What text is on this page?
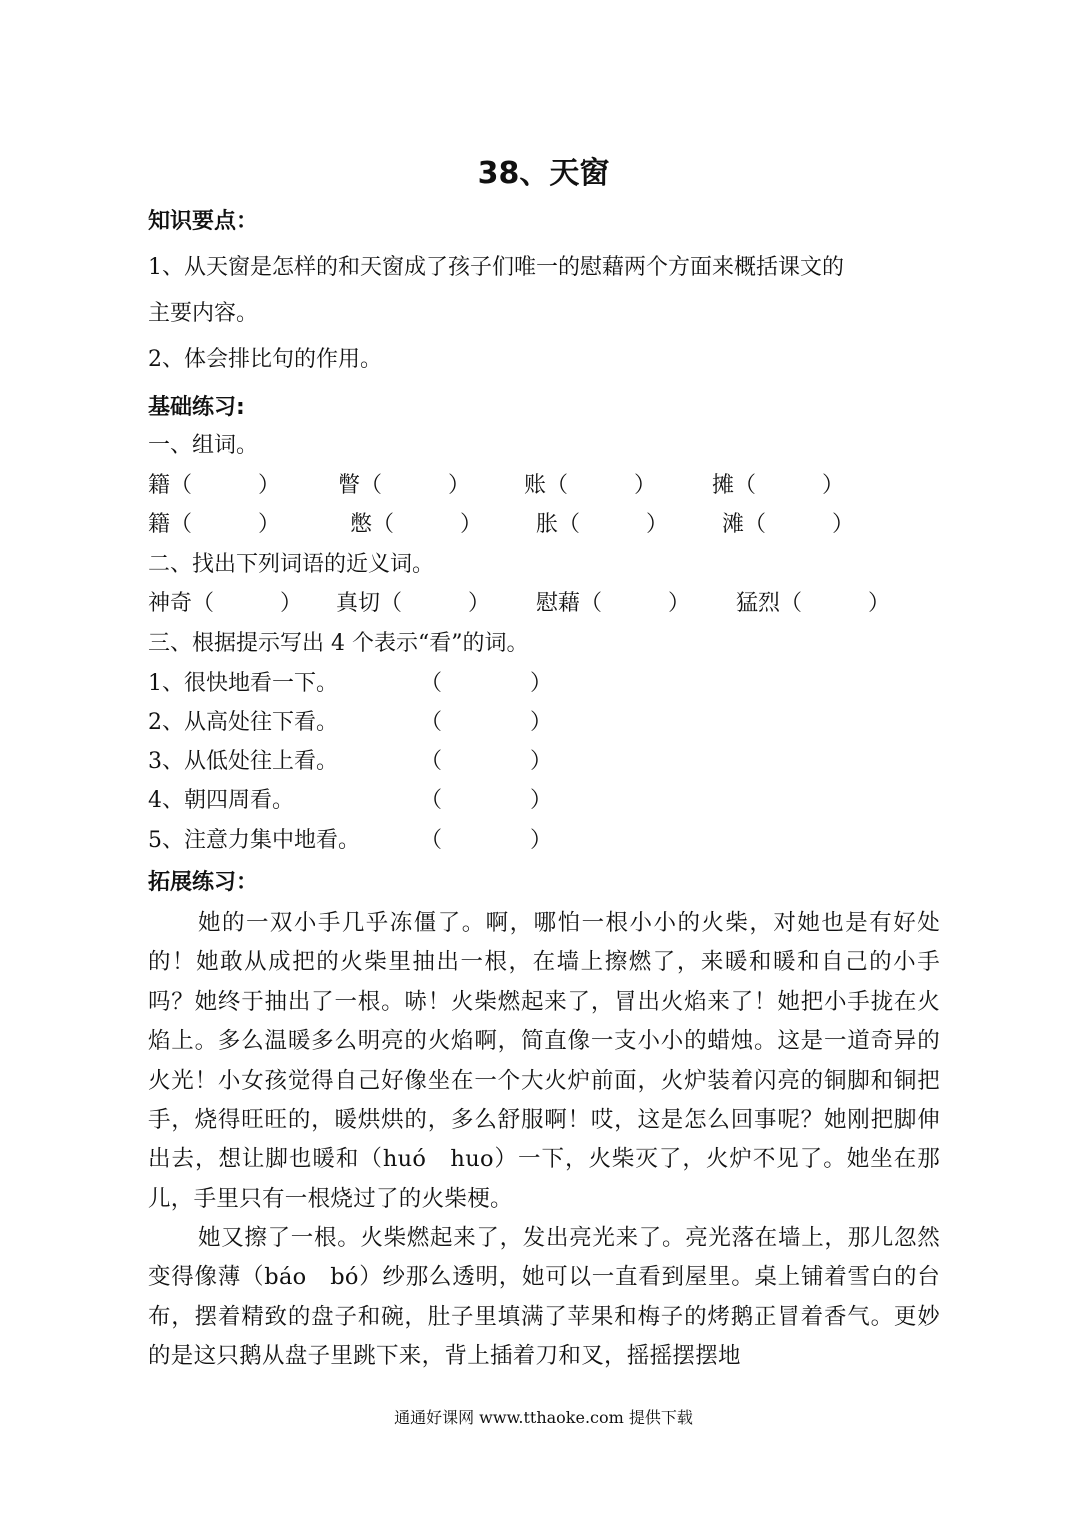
38、天窗
知识要点：
1、从天窗是怎样的和天窗成了孩子们唯一的慰藉两个方面来概括课文的
主要内容。
2、体会排比句的作用。
基础练习:
一、组词。
籍（　　　）	瞥（　　　） 账（　　　）	摊（　　　）
籍（　　　）	憋（　　　） 胀（　　　） 滩（　　　）
二、找出下列词语的近义词。
神奇（　　　） 真切（　　　） 慰藉（　　　） 猛烈（　　　）
三、根据提示写出 4 个表示“看”的词。
1、很快地看一下。	（　　　　）
2、从高处往下看。	（　　　　）
3、从低处往上看。	（　　　　）
4、朝四周看。	（　　　　）
5、注意力集中地看。	（　　　　）
拓展练习：

她的一双小手几乎冻僵了。啊，哪怕一根小小的火柴，对她也是有好处的！她敢从成把的火柴里抽出一根，在墙上擦燃了，来暖和暖和自己的小手吗？她终于抽出了一根。哧！火柴燃起来了，冒出火焰来了！她把小手拢在火焰上。多么温暖多么明亮的火焰啊，简直像一支小小的蜡烛。这是一道奇异的火光！小女孩觉得自己好像坐在一个大火炉前面，火炉装着闪亮的铜脚和铜把手，烧得旺旺的，暖烘烘的，多么舒服啊！哎，这是怎么回事呢？她刚把脚伸出去，想让脚也暖和（huó　huo）一下，火柴灭了，火炉不见了。她坐在那儿，手里只有一根烧过了的火柴梗。

她又擦了一根。火柴燃起来了，发出亮光来了。亮光落在墙上，那儿忽然变得像薄（báo　bó）纱那么透明，她可以一直看到屋里。桌上铺着雪白的台布，摆着精致的盘子和碗，肚子里填满了苹果和梅子的烤鹅正冒着香气。更妙的是这只鹅从盘子里跳下来，背上插着刀和叉，摇摇摆摆地

通通好课网 www.tthaoke.com 提供下载
